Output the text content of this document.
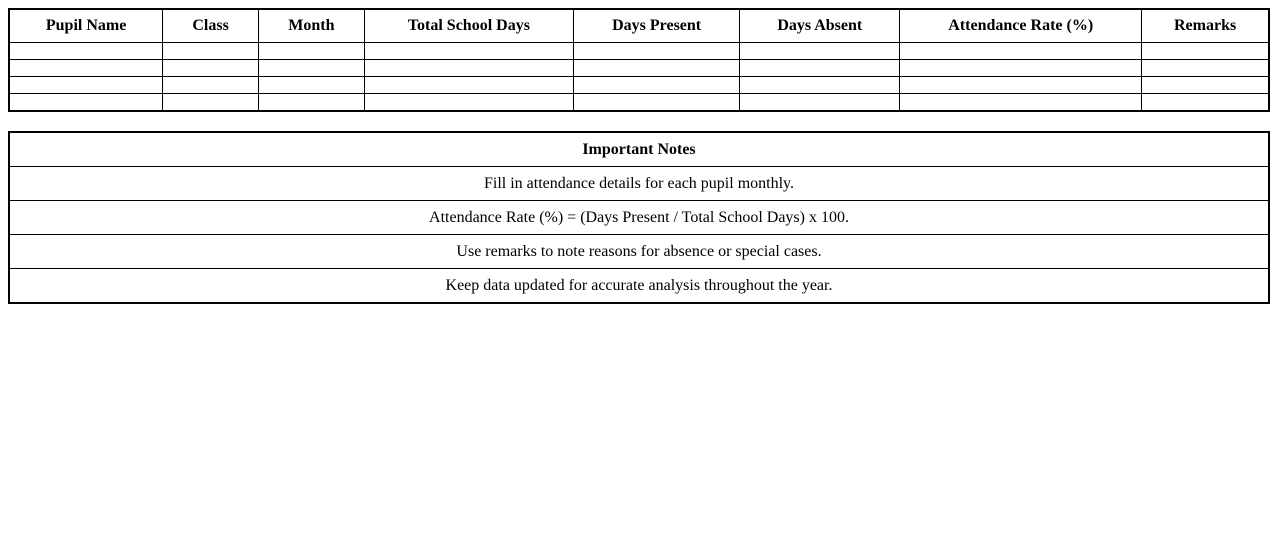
Pupil Name	Class	Month	Total School Days	Days Present	Days Absent	Attendance Rate (%)	Remarks

Important Notes
Fill in attendance details for each pupil monthly.
Attendance Rate (%) = (Days Present / Total School Days) x 100.
Use remarks to note reasons for absence or special cases.
Keep data updated for accurate analysis throughout the year.
